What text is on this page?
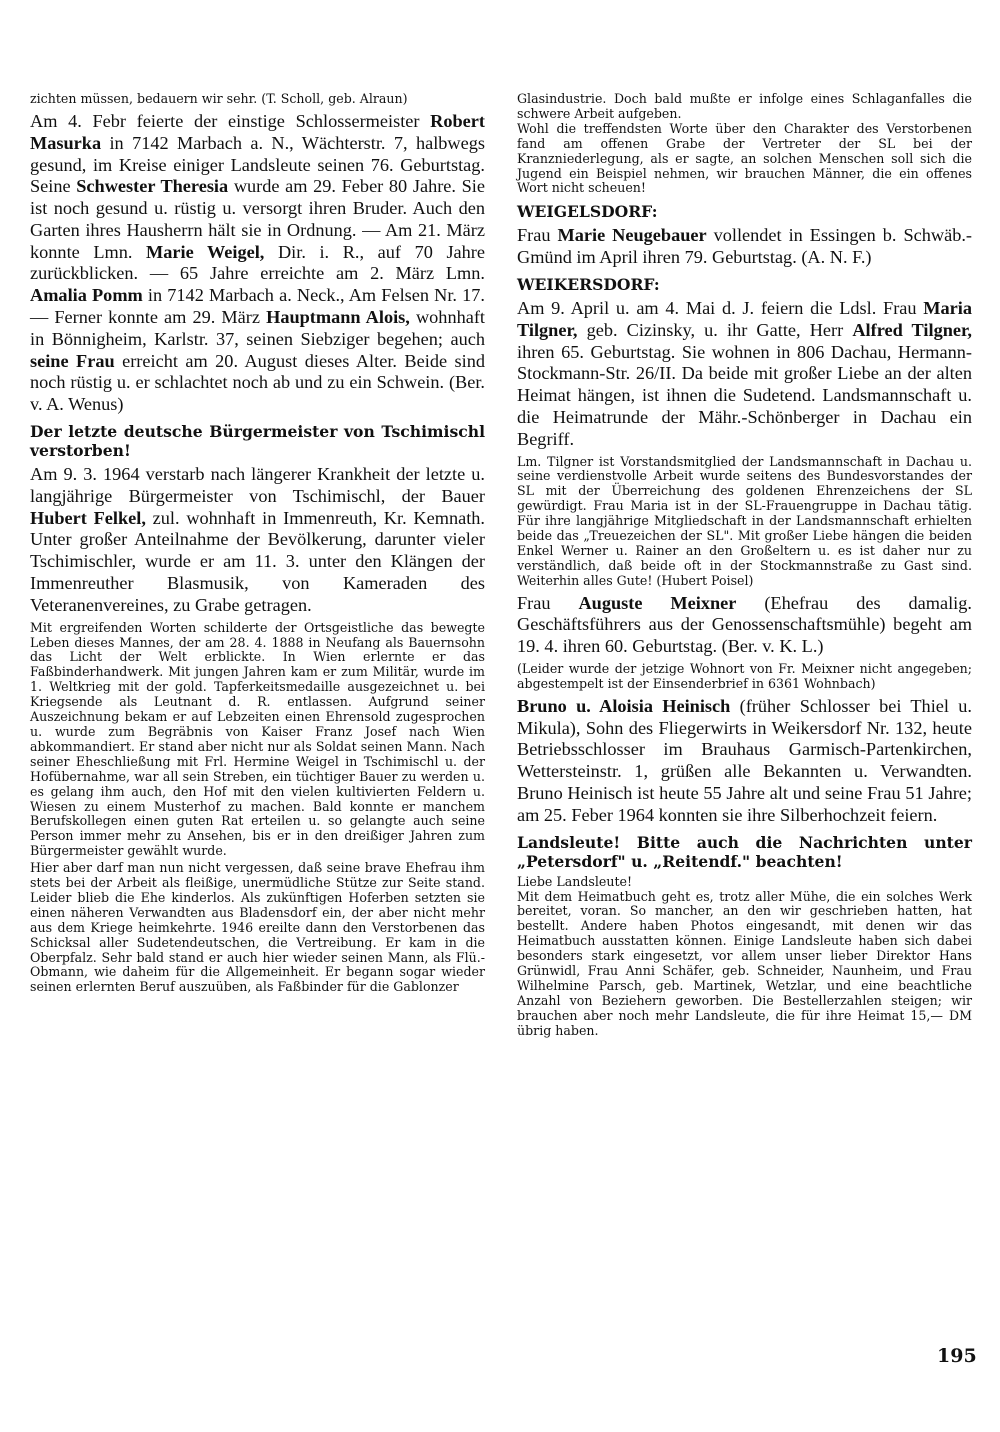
zichten müssen, bedauern wir sehr. (T. Scholl, geb. Alraun)

Am 4. Febr feierte der einstige Schlossermeister Robert Masurka in 7142 Marbach a. N., Wächterstr. 7, halbwegs gesund, im Kreise einiger Landsleute seinen 76. Geburtstag. Seine Schwester Theresia wurde am 29. Feber 80 Jahre. Sie ist noch gesund u. rüstig u. versorgt ihren Bruder. Auch den Garten ihres Hausherrn hält sie in Ordnung. — Am 21. März konnte Lmn. Marie Weigel, Dir. i. R., auf 70 Jahre zurückblicken. — 65 Jahre erreichte am 2. März Lmn. Amalia Pomm in 7142 Marbach a. Neck., Am Felsen Nr. 17. — Ferner konnte am 29. März Hauptmann Alois, wohnhaft in Bönnigheim, Karlstr. 37, seinen Siebziger begehen; auch seine Frau erreicht am 20. August dieses Alter. Beide sind noch rüstig u. er schlachtet noch ab und zu ein Schwein. (Ber. v. A. Wenus)

Der letzte deutsche Bürgermeister von Tschimischl verstorben!

Am 9. 3. 1964 verstarb nach längerer Krankheit der letzte u. langjährige Bürgermeister von Tschimischl, der Bauer Hubert Felkel, zul. wohnhaft in Immenreuth, Kr. Kemnath. Unter großer Anteilnahme der Bevölkerung, darunter vieler Tschimischler, wurde er am 11. 3. unter den Klängen der Immenreuther Blasmusik, von Kameraden des Veteranenvereines, zu Grabe getragen.

Mit ergreifenden Worten schilderte der Ortsgeistliche das bewegte Leben dieses Mannes, der am 28. 4. 1888 in Neufang als Bauernsohn das Licht der Welt erblickte. In Wien erlernte er das Faßbinderhandwerk. Mit jungen Jahren kam er zum Militär, wurde im 1. Weltkrieg mit der gold. Tapferkeitsmedaille ausgezeichnet u. bei Kriegsende als Leutnant d. R. entlassen. Aufgrund seiner Auszeichnung bekam er auf Lebzeiten einen Ehrensold zugesprochen u. wurde zum Begräbnis von Kaiser Franz Josef nach Wien abkommandiert. Er stand aber nicht nur als Soldat seinen Mann. Nach seiner Eheschließung mit Frl. Hermine Weigel in Tschimischl u. der Hofübernahme, war all sein Streben, ein tüchtiger Bauer zu werden u. es gelang ihm auch, den Hof mit den vielen kultivierten Feldern u. Wiesen zu einem Musterhof zu machen. Bald konnte er manchem Berufskollegen einen guten Rat erteilen u. so gelangte auch seine Person immer mehr zu Ansehen, bis er in den dreißiger Jahren zum Bürgermeister gewählt wurde.

Hier aber darf man nun nicht vergessen, daß seine brave Ehefrau ihm stets bei der Arbeit als fleißige, unermüdliche Stütze zur Seite stand. Leider blieb die Ehe kinderlos. Als zukünftigen Hoferben setzten sie einen näheren Verwandten aus Bladensdorf ein, der aber nicht mehr aus dem Kriege heimkehrte. 1946 ereilte dann den Verstorbenen das Schicksal aller Sudetendeutschen, die Vertreibung. Er kam in die Oberpfalz. Sehr bald stand er auch hier wieder seinen Mann, als Flü.-Obmann, wie daheim für die Allgemeinheit. Er begann sogar wieder seinen erlernten Beruf auszuüben, als Faßbinder für die Gablonzer

Glasindustrie. Doch bald mußte er infolge eines Schlaganfalles die schwere Arbeit aufgeben.

Wohl die treffendsten Worte über den Charakter des Verstorbenen fand am offenen Grabe der Vertreter der SL bei der Kranzniederlegung, als er sagte, an solchen Menschen soll sich die Jugend ein Beispiel nehmen, wir brauchen Männer, die ein offenes Wort nicht scheuen!

WEIGELSDORF:

Frau Marie Neugebauer vollendet in Essingen b. Schwäb.-Gmünd im April ihren 79. Geburtstag. (A. N. F.)

WEIKERSDORF:

Am 9. April u. am 4. Mai d. J. feiern die Ldsl. Frau Maria Tilgner, geb. Cizinsky, u. ihr Gatte, Herr Alfred Tilgner, ihren 65. Geburtstag. Sie wohnen in 806 Dachau, Hermann-Stockmann-Str. 26/II. Da beide mit großer Liebe an der alten Heimat hängen, ist ihnen die Sudetend. Landsmannschaft u. die Heimatrunde der Mähr.-Schönberger in Dachau ein Begriff.

Lm. Tilgner ist Vorstandsmitglied der Landsmannschaft in Dachau u. seine verdienstvolle Arbeit wurde seitens des Bundesvorstandes der SL mit der Überreichung des goldenen Ehrenzeichens der SL gewürdigt. Frau Maria ist in der SL-Frauengruppe in Dachau tätig. Für ihre langjährige Mitgliedschaft in der Landsmannschaft erhielten beide das „Treuezeichen der SL". Mit großer Liebe hängen die beiden Enkel Werner u. Rainer an den Großeltern u. es ist daher nur zu verständlich, daß beide oft in der Stockmannstraße zu Gast sind. Weiterhin alles Gute! (Hubert Poisel)

Frau Auguste Meixner (Ehefrau des damalig. Geschäftsführers aus der Genossenschaftsmühle) begeht am 19. 4. ihren 60. Geburtstag. (Ber. v. K. L.)

(Leider wurde der jetzige Wohnort von Fr. Meixner nicht angegeben; abgestempelt ist der Einsenderbrief in 6361 Wohnbach)

Bruno u. Aloisia Heinisch (früher Schlosser bei Thiel u. Mikula), Sohn des Fliegerwirts in Weikersdorf Nr. 132, heute Betriebsschlosser im Brauhaus Garmisch-Partenkirchen, Wettersteinstr. 1, grüßen alle Bekannten u. Verwandten. Bruno Heinisch ist heute 55 Jahre alt und seine Frau 51 Jahre; am 25. Feber 1964 konnten sie ihre Silberhochzeit feiern.

Landsleute! Bitte auch die Nachrichten unter „Petersdorf" u. „Reitendf." beachten!

Liebe Landsleute!

Mit dem Heimatbuch geht es, trotz aller Mühe, die ein solches Werk bereitet, voran. So mancher, an den wir geschrieben hatten, hat bestellt. Andere haben Photos eingesandt, mit denen wir das Heimatbuch ausstatten können. Einige Landsleute haben sich dabei besonders stark eingesetzt, vor allem unser lieber Direktor Hans Grünwidl, Frau Anni Schäfer, geb. Schneider, Naunheim, und Frau Wilhelmine Parsch, geb. Martinek, Wetzlar, und eine beachtliche Anzahl von Beziehern geworben. Die Bestellerzahlen steigen; wir brauchen aber noch mehr Landsleute, die für ihre Heimat 15,— DM übrig haben.

195
